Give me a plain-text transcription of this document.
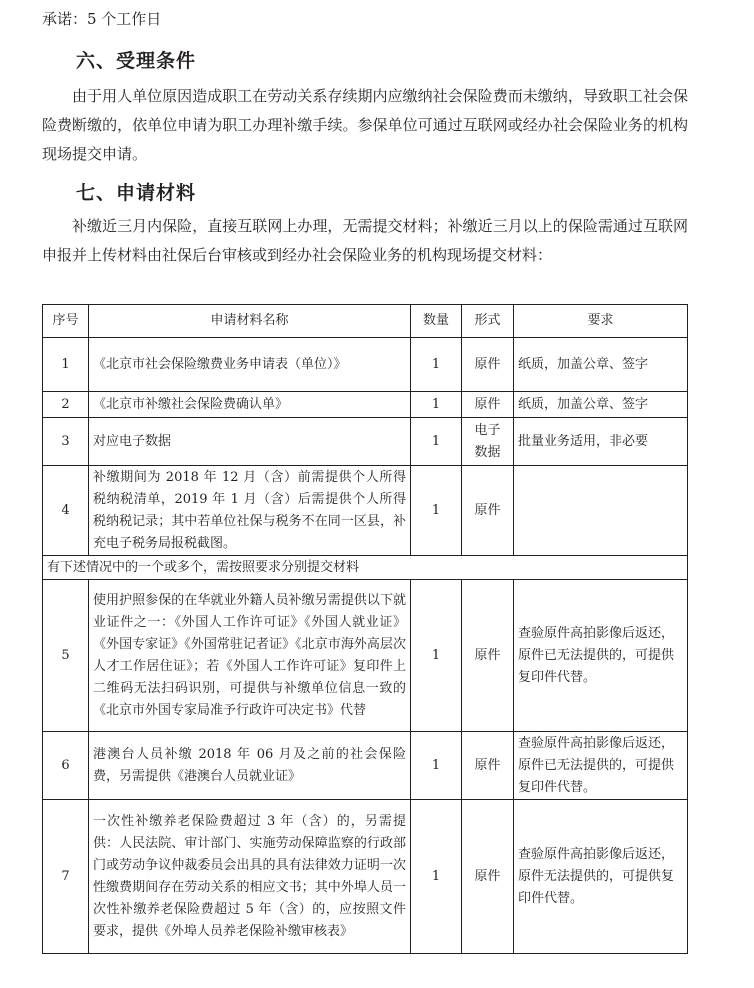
承诺：5 个工作日
六、受理条件

由于用人单位原因造成职工在劳动关系存续期内应缴纳社会保险费而未缴纳，导致职工社会保险费断缴的，依单位申请为职工办理补缴手续。参保单位可通过互联网或经办社会保险业务的机构现场提交申请。

七、申请材料

补缴近三月内保险，直接互联网上办理，无需提交材料；补缴近三月以上的保险需通过互联网申报并上传材料由社保后台审核或到经办社会保险业务的机构现场提交材料：

序号	申请材料名称	数量	形式	要求
1	《北京市社会保险缴费业务申请表（单位）》	1	原件	纸质，加盖公章、签字
2	《北京市补缴社会保险费确认单》	1	原件	纸质，加盖公章、签字
3	对应电子数据	1	电子数据	批量业务适用，非必要
4	补缴期间为 2018 年 12 月（含）前需提供个人所得税纳税清单，2019 年 1 月（含）后需提供个人所得税纳税记录；其中若单位社保与税务不在同一区县，补充电子税务局报税截图。	1	原件	
有下述情况中的一个或多个，需按照要求分别提交材料				
5	使用护照参保的在华就业外籍人员补缴另需提供以下就业证件之一：《外国人工作许可证》《外国人就业证》《外国专家证》《外国常驻记者证》《北京市海外高层次人才工作居住证》；若《外国人工作许可证》复印件上二维码无法扫码识别，可提供与补缴单位信息一致的《北京市外国专家局准予行政许可决定书》代替	1	原件	查验原件高拍影像后返还，原件已无法提供的，可提供复印件代替。
6	港澳台人员补缴 2018 年 06 月及之前的社会保险费，另需提供《港澳台人员就业证》	1	原件	查验原件高拍影像后返还，原件已无法提供的，可提供复印件代替。
7	一次性补缴养老保险费超过 3 年（含）的，另需提供：人民法院、审计部门、实施劳动保障监察的行政部门或劳动争议仲裁委员会出具的具有法律效力证明一次性缴费期间存在劳动关系的相应文书；其中外埠人员一次性补缴养老保险费超过 5 年（含）的，应按照文件要求，提供《外埠人员养老保险补缴审核表》	1	原件	查验原件高拍影像后返还，原件无法提供的，可提供复印件代替。
